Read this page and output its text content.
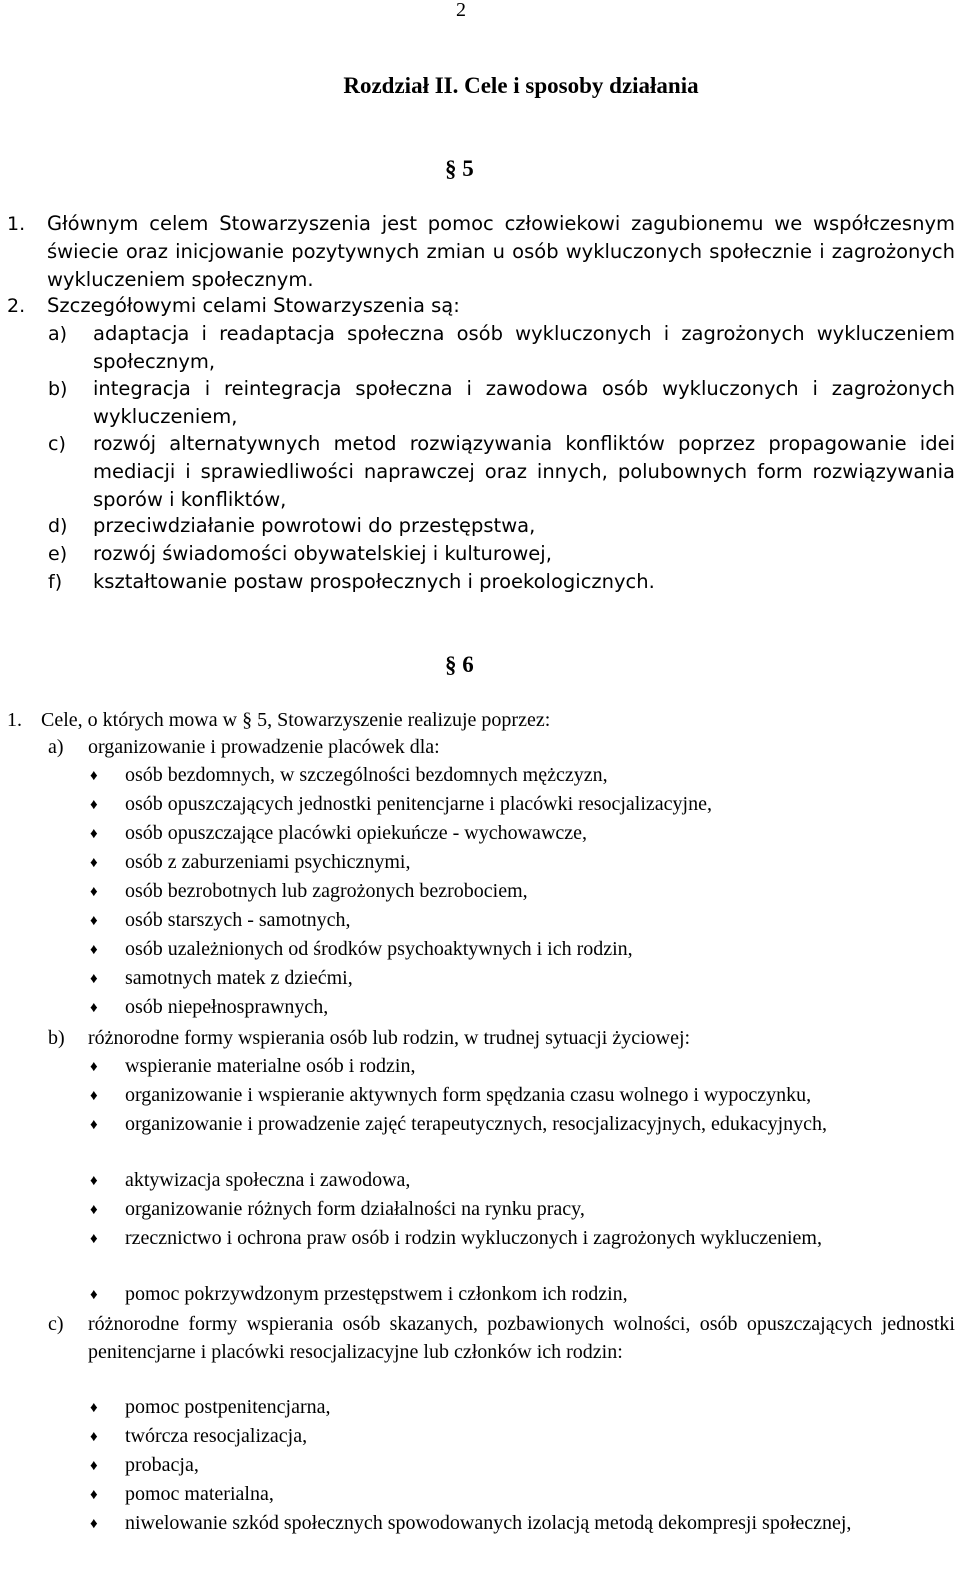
2
Rozdział II. Cele i sposoby działania
§ 5
1. Głównym celem Stowarzyszenia jest pomoc człowiekowi zagubionemu we współczesnym świecie oraz inicjowanie pozytywnych zmian u osób wykluczonych społecznie i zagrożonych wykluczeniem społecznym.
2. Szczegółowymi celami Stowarzyszenia są:
a) adaptacja i readaptacja społeczna osób wykluczonych i zagrożonych wykluczeniem społecznym,
b) integracja i reintegracja społeczna i zawodowa osób wykluczonych i zagrożonych wykluczeniem,
c) rozwój alternatywnych metod rozwiązywania konfliktów poprzez propagowanie idei mediacji i sprawiedliwości naprawczej oraz innych, polubownych form rozwiązywania sporów i konfliktów,
d) przeciwdziałanie powrotowi do przestępstwa,
e) rozwój świadomości obywatelskiej i kulturowej,
f) kształtowanie postaw prospołecznych i proekologicznych.
§ 6
1. Cele, o których mowa w § 5, Stowarzyszenie realizuje poprzez:
a) organizowanie i prowadzenie placówek dla:
♦ osób bezdomnych, w szczególności bezdomnych mężczyzn,
♦ osób opuszczających jednostki penitencjarne i placówki resocjalizacyjne,
♦ osób opuszczające placówki opiekuńcze - wychowawcze,
♦ osób z zaburzeniami psychicznymi,
♦ osób bezrobotnych lub zagrożonych bezrobociem,
♦ osób starszych - samotnych,
♦ osób uzależnionych od środków psychoaktywnych i ich rodzin,
♦ samotnych matek z dziećmi,
♦ osób niepełnosprawnych,
b) różnorodne formy wspierania osób lub rodzin, w trudnej sytuacji życiowej:
♦ wspieranie materialne osób i rodzin,
♦ organizowanie i wspieranie aktywnych form spędzania czasu wolnego i wypoczynku,
♦ organizowanie i prowadzenie zajęć terapeutycznych, resocjalizacyjnych, edukacyjnych,
♦ aktywizacja społeczna i zawodowa,
♦ organizowanie różnych form działalności na rynku pracy,
♦ rzecznictwo i ochrona praw osób i rodzin wykluczonych i zagrożonych wykluczeniem,
♦ pomoc pokrzywdzonym przestępstwem i członkom ich rodzin,
c) różnorodne formy wspierania osób skazanych, pozbawionych wolności, osób opuszczających jednostki penitencjarne i placówki resocjalizacyjne lub członków ich rodzin:
♦ pomoc postpenitencjarna,
♦ twórcza resocjalizacja,
♦ probacja,
♦ pomoc materialna,
♦ niwelowanie szkód społecznych spowodowanych izolacją metodą dekompresji społecznej,
